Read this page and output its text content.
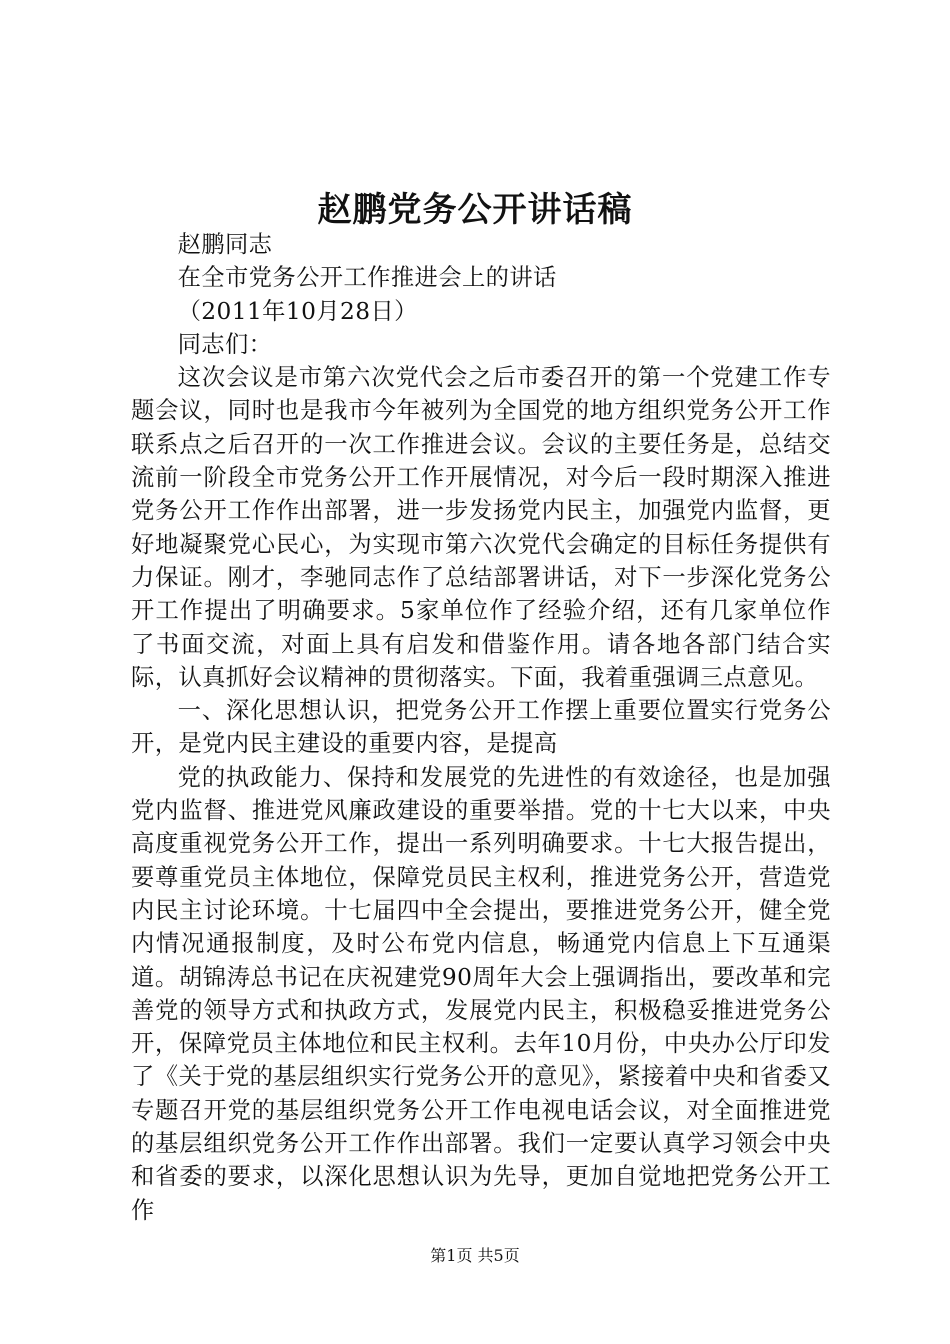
赵鹏党务公开讲话稿

赵鹏同志

在全市党务公开工作推进会上的讲话

（2011年10月28日）

同志们：

这次会议是市第六次党代会之后市委召开的第一个党建工作专题会议，同时也是我市今年被列为全国党的地方组织党务公开工作联系点之后召开的一次工作推进会议。会议的主要任务是，总结交流前一阶段全市党务公开工作开展情况，对今后一段时期深入推进党务公开工作作出部署，进一步发扬党内民主，加强党内监督，更好地凝聚党心民心，为实现市第六次党代会确定的目标任务提供有力保证。刚才，李驰同志作了总结部署讲话，对下一步深化党务公开工作提出了明确要求。5家单位作了经验介绍，还有几家单位作了书面交流，对面上具有启发和借鉴作用。请各地各部门结合实际，认真抓好会议精神的贯彻落实。下面，我着重强调三点意见。

一、深化思想认识，把党务公开工作摆上重要位置实行党务公开，是党内民主建设的重要内容，是提高

党的执政能力、保持和发展党的先进性的有效途径，也是加强党内监督、推进党风廉政建设的重要举措。党的十七大以来，中央高度重视党务公开工作，提出一系列明确要求。十七大报告提出，要尊重党员主体地位，保障党员民主权利，推进党务公开，营造党内民主讨论环境。十七届四中全会提出，要推进党务公开，健全党内情况通报制度，及时公布党内信息，畅通党内信息上下互通渠道。胡锦涛总书记在庆祝建党90周年大会上强调指出，要改革和完善党的领导方式和执政方式，发展党内民主，积极稳妥推进党务公开，保障党员主体地位和民主权利。去年10月份，中央办公厅印发了《关于党的基层组织实行党务公开的意见》，紧接着中央和省委又专题召开党的基层组织党务公开工作电视电话会议，对全面推进党的基层组织党务公开工作作出部署。我们一定要认真学习领会中央和省委的要求，以深化思想认识为先导，更加自觉地把党务公开工作

第1页 共5页
